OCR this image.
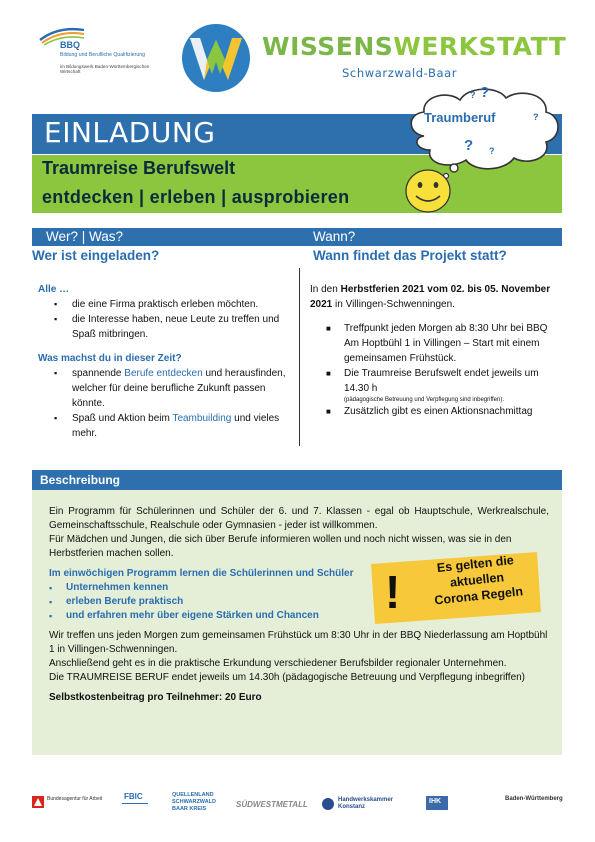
BBQ
Bildung und Berufliche Qualifizierung
im Bildungswerk Baden-Württembergischen Wirtschaft
WISSENSWERKSTATT
Schwarzwald-Baar
EINLADUNG
Traumreise Berufswelt
entdecken | erleben | ausprobieren
? ?
Traumberuf	?
? ?
Wer? | Was?	Wann?
Wer ist eingeladen?	Wann findet das Projekt statt?
Alle …
▪ die eine Firma praktisch erleben möchten.
▪ die Interesse haben, neue Leute zu treffen und Spaß mitbringen.
Was machst du in dieser Zeit?
▪ spannende Berufe entdecken und herausfinden, welcher für deine berufliche Zukunft passen könnte.
▪ Spaß und Aktion beim Teambuilding und vieles mehr.
In den Herbstferien 2021 vom 02. bis 05. November 2021 in Villingen-Schwenningen.
■ Treffpunkt jeden Morgen ab 8:30 Uhr bei BBQ Am Hoptbühl 1 in Villingen – Start mit einem gemeinsamen Frühstück.
■ Die Traumreise Berufswelt endet jeweils um 14.30 h
(pädagogische Betreuung und Verpflegung sind inbegriffen).
■ Zusätzlich gibt es einen Aktionsnachmittag
Beschreibung
Ein Programm für Schülerinnen und Schüler der 6. und 7. Klassen - egal ob Hauptschule, Werkrealschule, Gemeinschaftsschule, Realschule oder Gymnasien - jeder ist willkommen.
Für Mädchen und Jungen, die sich über Berufe informieren wollen und noch nicht wissen, was sie in den Herbstferien machen sollen.
Im einwöchigen Programm lernen die Schülerinnen und Schüler
▪ Unternehmen kennen
▪ erleben Berufe praktisch
▪ und erfahren mehr über eigene Stärken und Chancen
Wir treffen uns jeden Morgen zum gemeinsamen Frühstück um 8:30 Uhr in der BBQ Niederlassung am Hoptbühl 1 in Villingen-Schwenningen.
Anschließend geht es in die praktische Erkundung verschiedener Berufsbilder regionaler Unternehmen.
Die TRAUMREISE BERUF endet jeweils um 14.30h (pädagogische Betreuung und Verpflegung inbegriffen)
Selbstkostenbeitrag pro Teilnehmer: 20 Euro
!
Es gelten die
aktuellen
Corona Regeln
Bundesagentur für Arbeit	FBIC	QUELLENLAND SCHWARZWALD BAAR KREIS	SÜDWESTMETALL	Handwerkskammer Konstanz
IHK	Baden-Württemberg
